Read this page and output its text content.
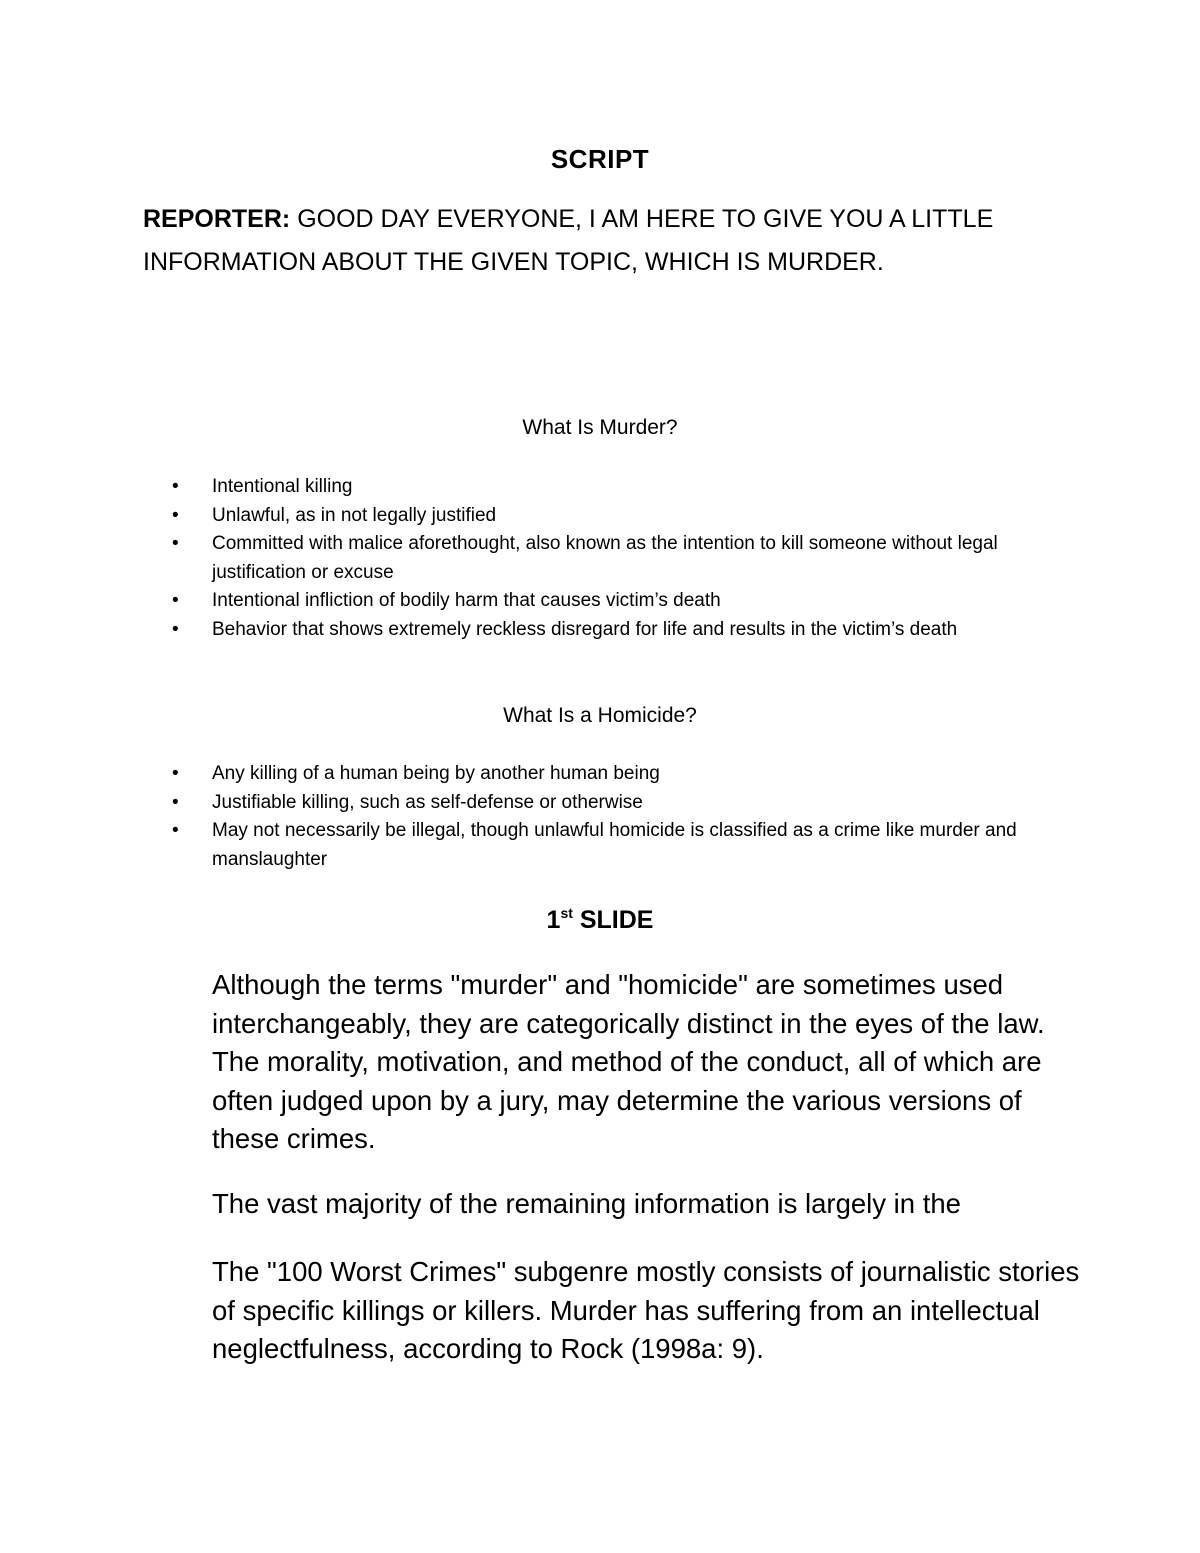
SCRIPT
REPORTER: GOOD DAY EVERYONE, I AM HERE TO GIVE YOU A LITTLE
INFORMATION ABOUT THE GIVEN TOPIC, WHICH IS MURDER.
What Is Murder?
• Intentional killing
• Unlawful, as in not legally justified
• Committed with malice aforethought, also known as the intention to kill someone without legal justification or excuse
• Intentional infliction of bodily harm that causes victim’s death
• Behavior that shows extremely reckless disregard for life and results in the victim’s death
What Is a Homicide?
• Any killing of a human being by another human being
• Justifiable killing, such as self-defense or otherwise
• May not necessarily be illegal, though unlawful homicide is classified as a crime like murder and manslaughter
1st SLIDE

Although the terms "murder" and "homicide" are sometimes used interchangeably, they are categorically distinct in the eyes of the law. The morality, motivation, and method of the conduct, all of which are often judged upon by a jury, may determine the various versions of these crimes.

The vast majority of the remaining information is largely in the

The "100 Worst Crimes" subgenre mostly consists of journalistic stories of specific killings or killers. Murder has suffering from an intellectual neglectfulness, according to Rock (1998a: 9).
